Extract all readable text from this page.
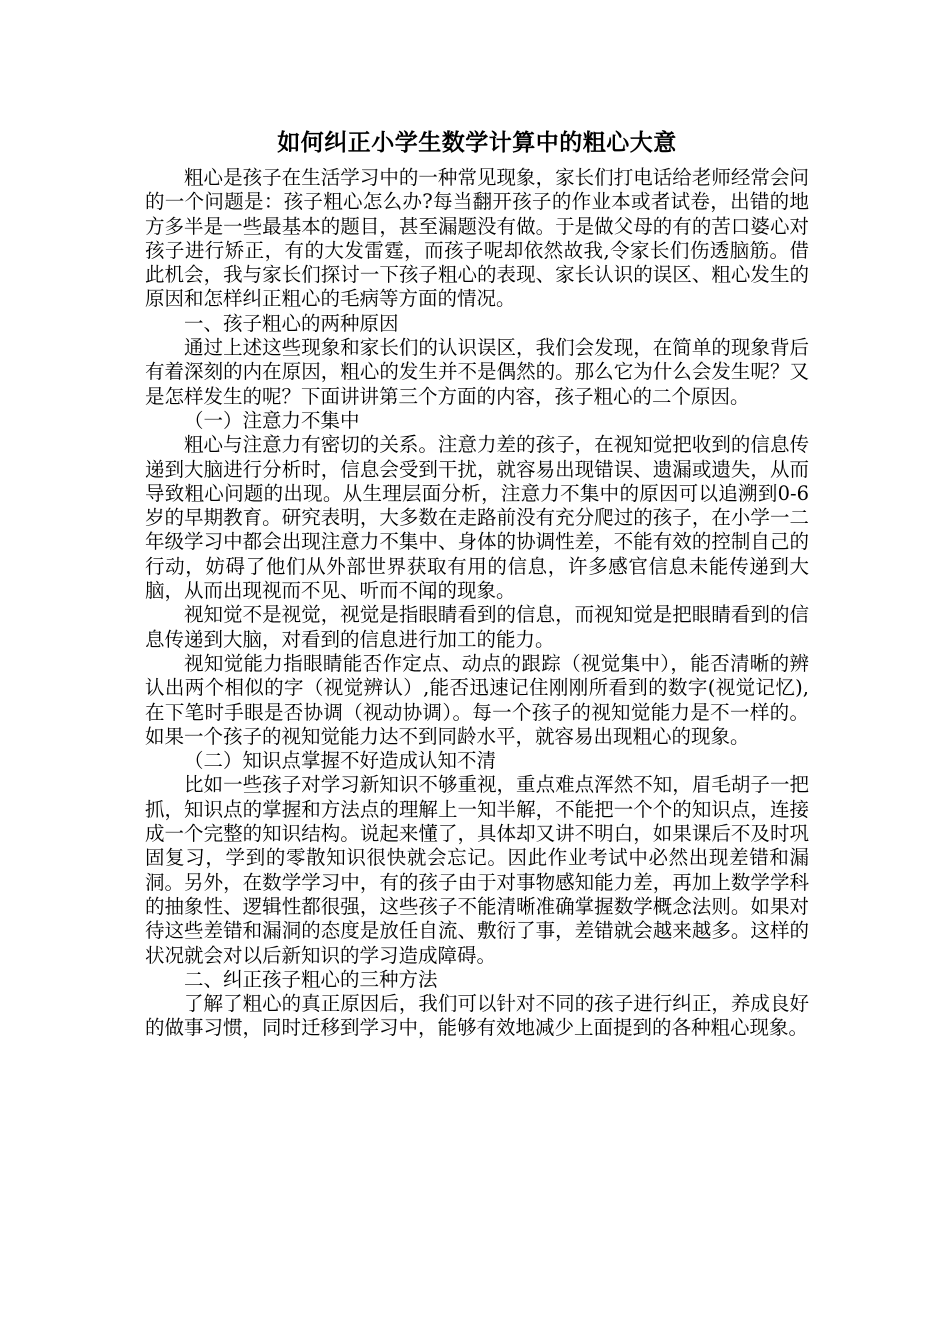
如何纠正小学生数学计算中的粗心大意

粗心是孩子在生活学习中的一种常见现象，家长们打电话给老师经常会问的一个问题是：孩子粗心怎么办?每当翻开孩子的作业本或者试卷，出错的地方多半是一些最基本的题目，甚至漏题没有做。于是做父母的有的苦口婆心对孩子进行矫正，有的大发雷霆，而孩子呢却依然故我,令家长们伤透脑筋。借此机会，我与家长们探讨一下孩子粗心的表现、家长认识的误区、粗心发生的原因和怎样纠正粗心的毛病等方面的情况。

一、孩子粗心的两种原因

通过上述这些现象和家长们的认识误区，我们会发现，在简单的现象背后有着深刻的内在原因，粗心的发生并不是偶然的。那么它为什么会发生呢？又是怎样发生的呢？下面讲讲第三个方面的内容，孩子粗心的二个原因。

（一）注意力不集中

粗心与注意力有密切的关系。注意力差的孩子，在视知觉把收到的信息传递到大脑进行分析时，信息会受到干扰，就容易出现错误、遗漏或遗失，从而导致粗心问题的出现。从生理层面分析，注意力不集中的原因可以追溯到0-6岁的早期教育。研究表明，大多数在走路前没有充分爬过的孩子，在小学一二年级学习中都会出现注意力不集中、身体的协调性差，不能有效的控制自己的行动，妨碍了他们从外部世界获取有用的信息，许多感官信息未能传递到大脑，从而出现视而不见、听而不闻的现象。

视知觉不是视觉，视觉是指眼睛看到的信息，而视知觉是把眼睛看到的信息传递到大脑，对看到的信息进行加工的能力。

视知觉能力指眼睛能否作定点、动点的跟踪（视觉集中），能否清晰的辨认出两个相似的字（视觉辨认）,能否迅速记住刚刚所看到的数字(视觉记忆),在下笔时手眼是否协调（视动协调）。每一个孩子的视知觉能力是不一样的。如果一个孩子的视知觉能力达不到同龄水平，就容易出现粗心的现象。

（二）知识点掌握不好造成认知不清

比如一些孩子对学习新知识不够重视，重点难点浑然不知，眉毛胡子一把抓，知识点的掌握和方法点的理解上一知半解，不能把一个个的知识点，连接成一个完整的知识结构。说起来懂了，具体却又讲不明白，如果课后不及时巩固复习，学到的零散知识很快就会忘记。因此作业考试中必然出现差错和漏洞。另外，在数学学习中，有的孩子由于对事物感知能力差，再加上数学学科的抽象性、逻辑性都很强，这些孩子不能清晰准确掌握数学概念法则。如果对待这些差错和漏洞的态度是放任自流、敷衍了事，差错就会越来越多。这样的状况就会对以后新知识的学习造成障碍。

二、纠正孩子粗心的三种方法

了解了粗心的真正原因后，我们可以针对不同的孩子进行纠正，养成良好的做事习惯，同时迁移到学习中，能够有效地减少上面提到的各种粗心现象。
